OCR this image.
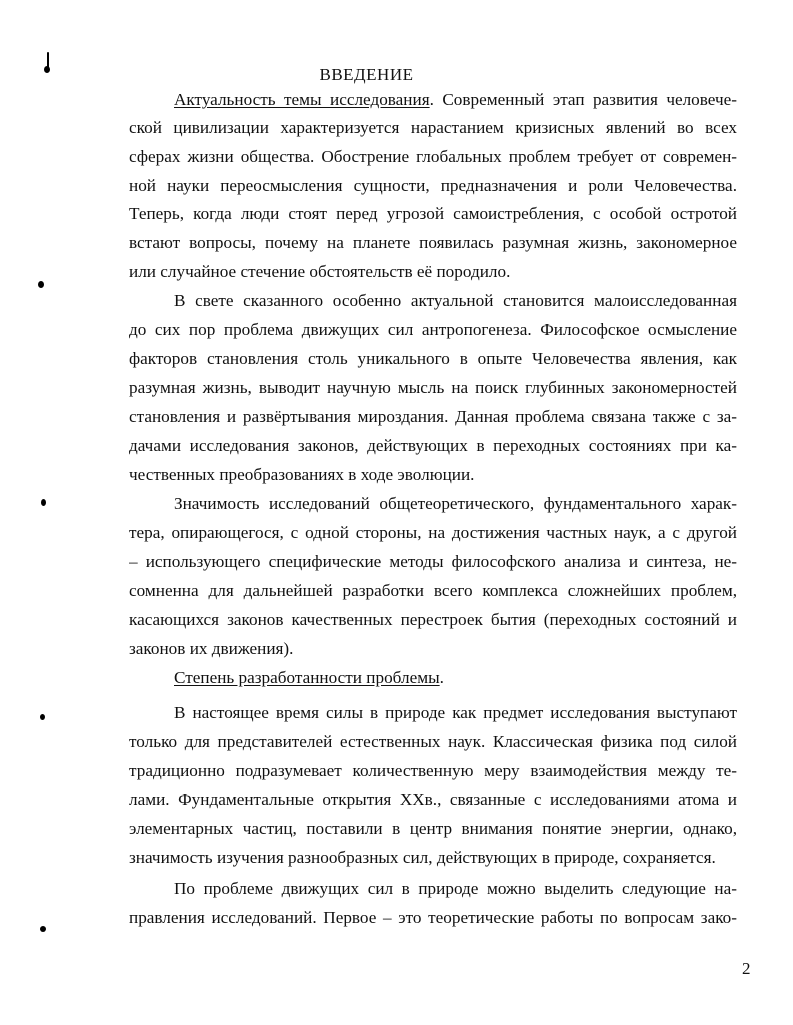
ВВЕДЕНИЕ

Актуальность темы исследования. Современный этап развития человече-

ской цивилизации характеризуется нарастанием кризисных явлений во всех

сферах жизни общества. Обострение глобальных проблем требует от современ-

ной науки переосмысления сущности, предназначения и роли Человечества.

Теперь, когда люди стоят перед угрозой самоистребления, с особой остротой

встают вопросы, почему на планете появилась разумная жизнь, закономерное

или случайное стечение обстоятельств её породило.

В свете сказанного особенно актуальной становится малоисследованная

до сих пор проблема движущих сил антропогенеза. Философское осмысление

факторов становления столь уникального в опыте Человечества явления, как

разумная жизнь, выводит научную мысль на поиск глубинных закономерностей

становления и развёртывания мироздания. Данная проблема связана также с за-

дачами исследования законов, действующих в переходных состояниях при ка-

чественных преобразованиях в ходе эволюции.

Значимость исследований общетеоретического, фундаментального харак-

тера, опирающегося, с одной стороны, на достижения частных наук, а с другой

– использующего специфические методы философского анализа и синтеза, не-

сомненна для дальнейшей разработки всего комплекса сложнейших проблем,

касающихся законов качественных перестроек бытия (переходных состояний и

законов их движения).

Степень разработанности проблемы.

В настоящее время силы в природе как предмет исследования выступают

только для представителей естественных наук. Классическая физика под силой

традиционно подразумевает количественную меру взаимодействия между те-

лами. Фундаментальные открытия XXв., связанные с исследованиями атома и

элементарных частиц, поставили в центр внимания понятие энергии, однако,

значимость изучения разнообразных сил, действующих в природе, сохраняется.

По проблеме движущих сил в природе можно выделить следующие на-

правления исследований. Первое – это теоретические работы по вопросам зако-

2
